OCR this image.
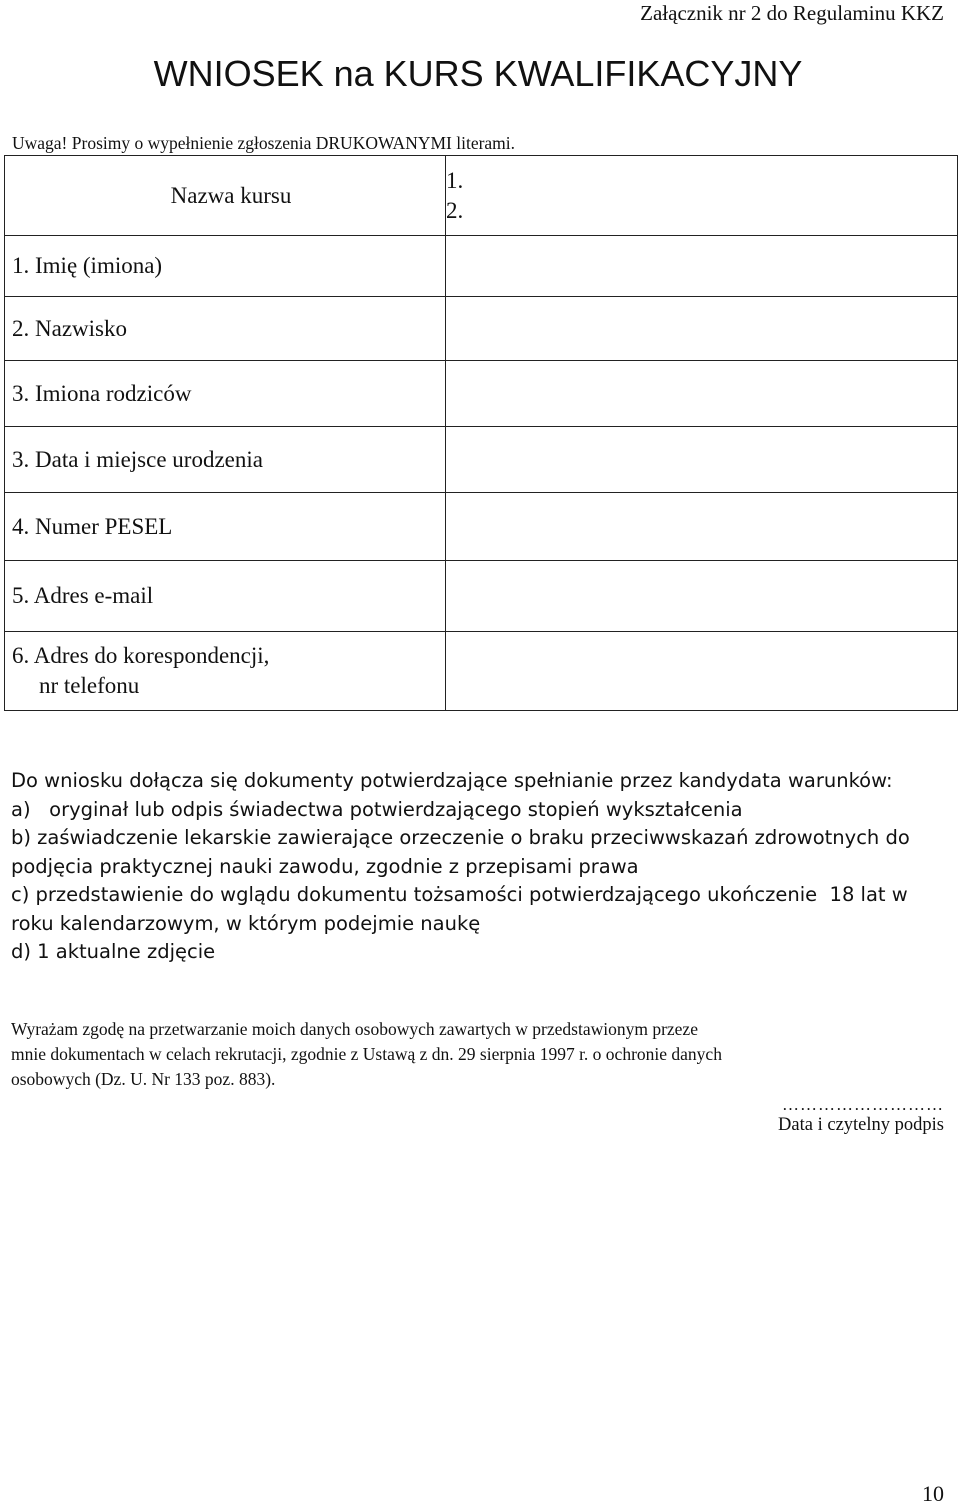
Załącznik nr 2 do Regulaminu KKZ
WNIOSEK na KURS KWALIFIKACYJNY
Uwaga! Prosimy o wypełnienie zgłoszenia DRUKOWANYMI literami.
Nazwa kursu	1.
2.

1. Imię (imiona)	
2. Nazwisko	
3. Imiona rodziców	
3. Data i miejsce urodzenia	
4. Numer PESEL	
5. Adres e-mail	
6. Adres do korespondencji,
nr telefonu	

Do wniosku dołącza się dokumenty potwierdzające spełnianie przez kandydata warunków:

a)   oryginał lub odpis świadectwa potwierdzającego stopień wykształcenia

b) zaświadczenie lekarskie zawierające orzeczenie o braku przeciwwskazań zdrowotnych do podjęcia praktycznej nauki zawodu, zgodnie z przepisami prawa

c) przedstawienie do wglądu dokumentu tożsamości potwierdzającego ukończenie  18 lat w roku kalendarzowym, w którym podejmie naukę

d) 1 aktualne zdjęcie

Wyrażam zgodę na przetwarzanie moich danych osobowych zawartych w przedstawionym przeze

mnie dokumentach w celach rekrutacji, zgodnie z Ustawą z dn. 29 sierpnia 1997 r. o ochronie danych

osobowych (Dz. U. Nr 133 poz. 883).

………………………
Data i czytelny podpis
10
